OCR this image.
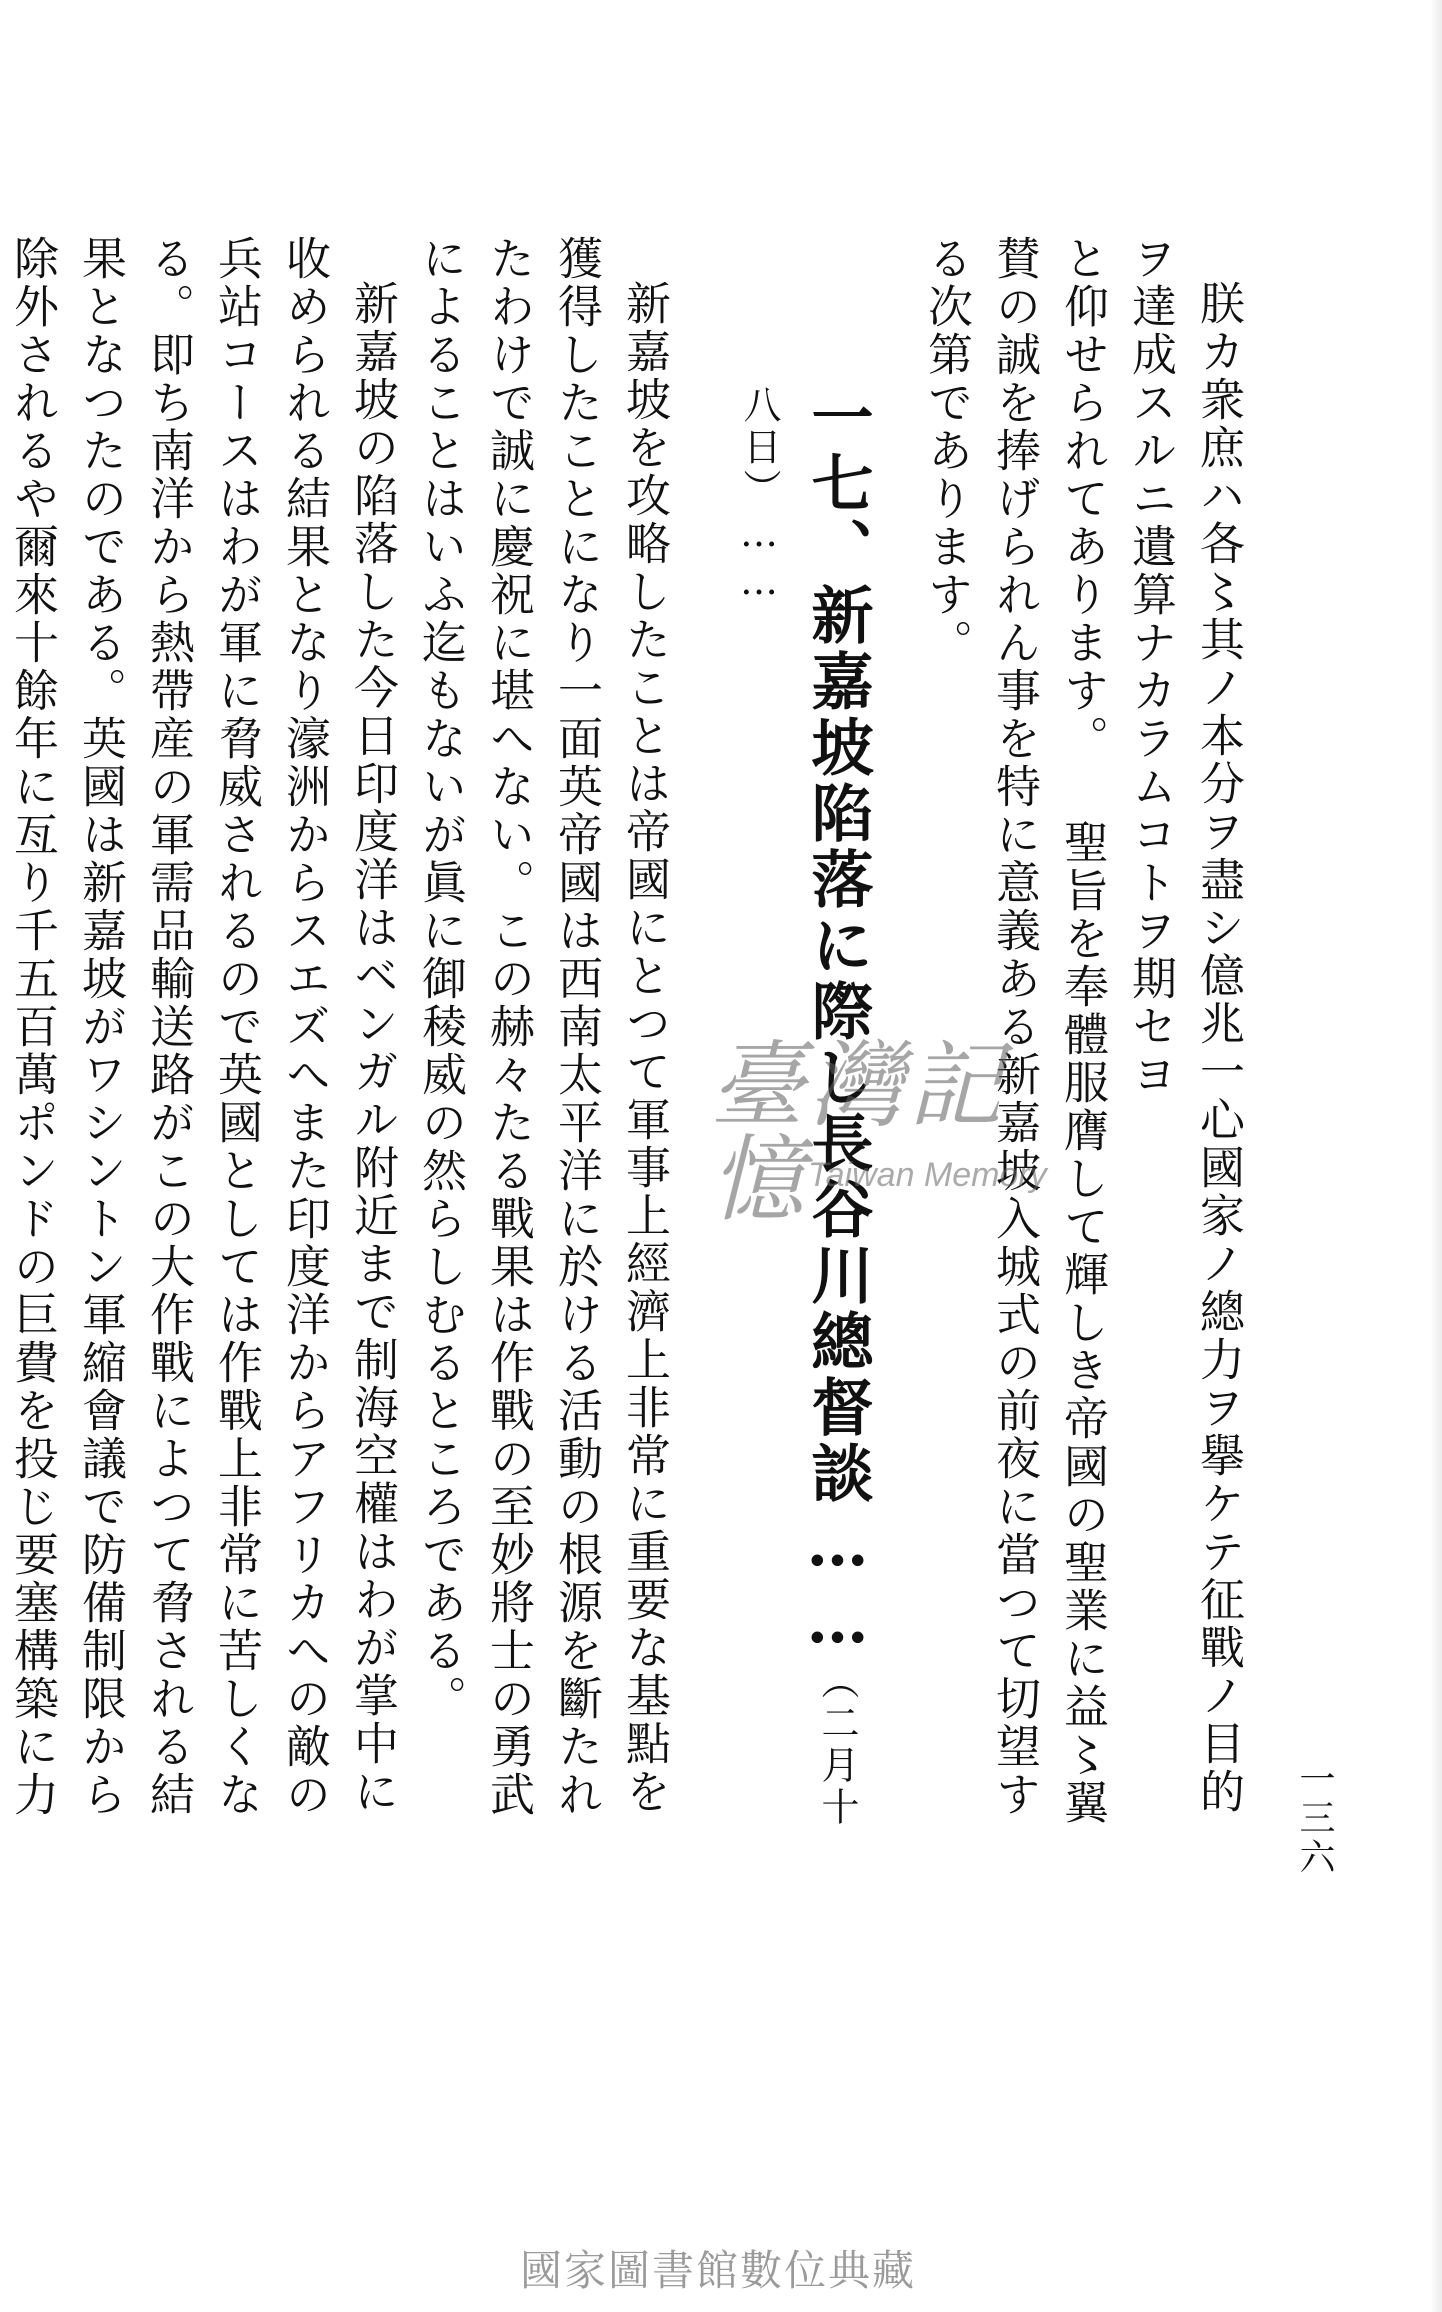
一三六

朕カ衆庶ハ各〻其ノ本分ヲ盡シ億兆一心國家ノ總力ヲ擧ケテ征戰ノ目的ヲ達成スルニ遺算ナカラムコトヲ期セヨ

と仰せられてあります。 聖旨を奉體服膺して輝しき帝國の聖業に益〻翼賛の誠を捧げられん事を特に意義ある新嘉坡入城式の前夜に當つて切望する次第であります。

一七、新嘉坡陷落に際し長谷川總督談……（二月十八日）……

新嘉坡を攻略したことは帝國にとつて軍事上經濟上非常に重要な基點を獲得したことになり一面英帝國は西南太平洋に於ける活動の根源を斷たれたわけで誠に慶祝に堪へない。この赫々たる戰果は作戰の至妙將士の勇武によることはいふ迄もないが眞に御稜威の然らしむるところである。

新嘉坡の陷落した今日印度洋はベンガル附近まで制海空權はわが掌中に收められる結果となり濠洲からスエズへまた印度洋からアフリカへの敵の兵站コースはわが軍に脅威されるので英國としては作戰上非常に苦しくなる。即ち南洋から熱帶産の軍需品輸送路がこの大作戰によつて脅される結果となつたのである。英國は新嘉坡がワシントン軍縮會議で防備制限から除外されるや爾來十餘年に亙り千五百萬ポンドの巨費を投じ要塞構築に力

臺灣記憶
Taiwan Memory
國家圖書館數位典藏
